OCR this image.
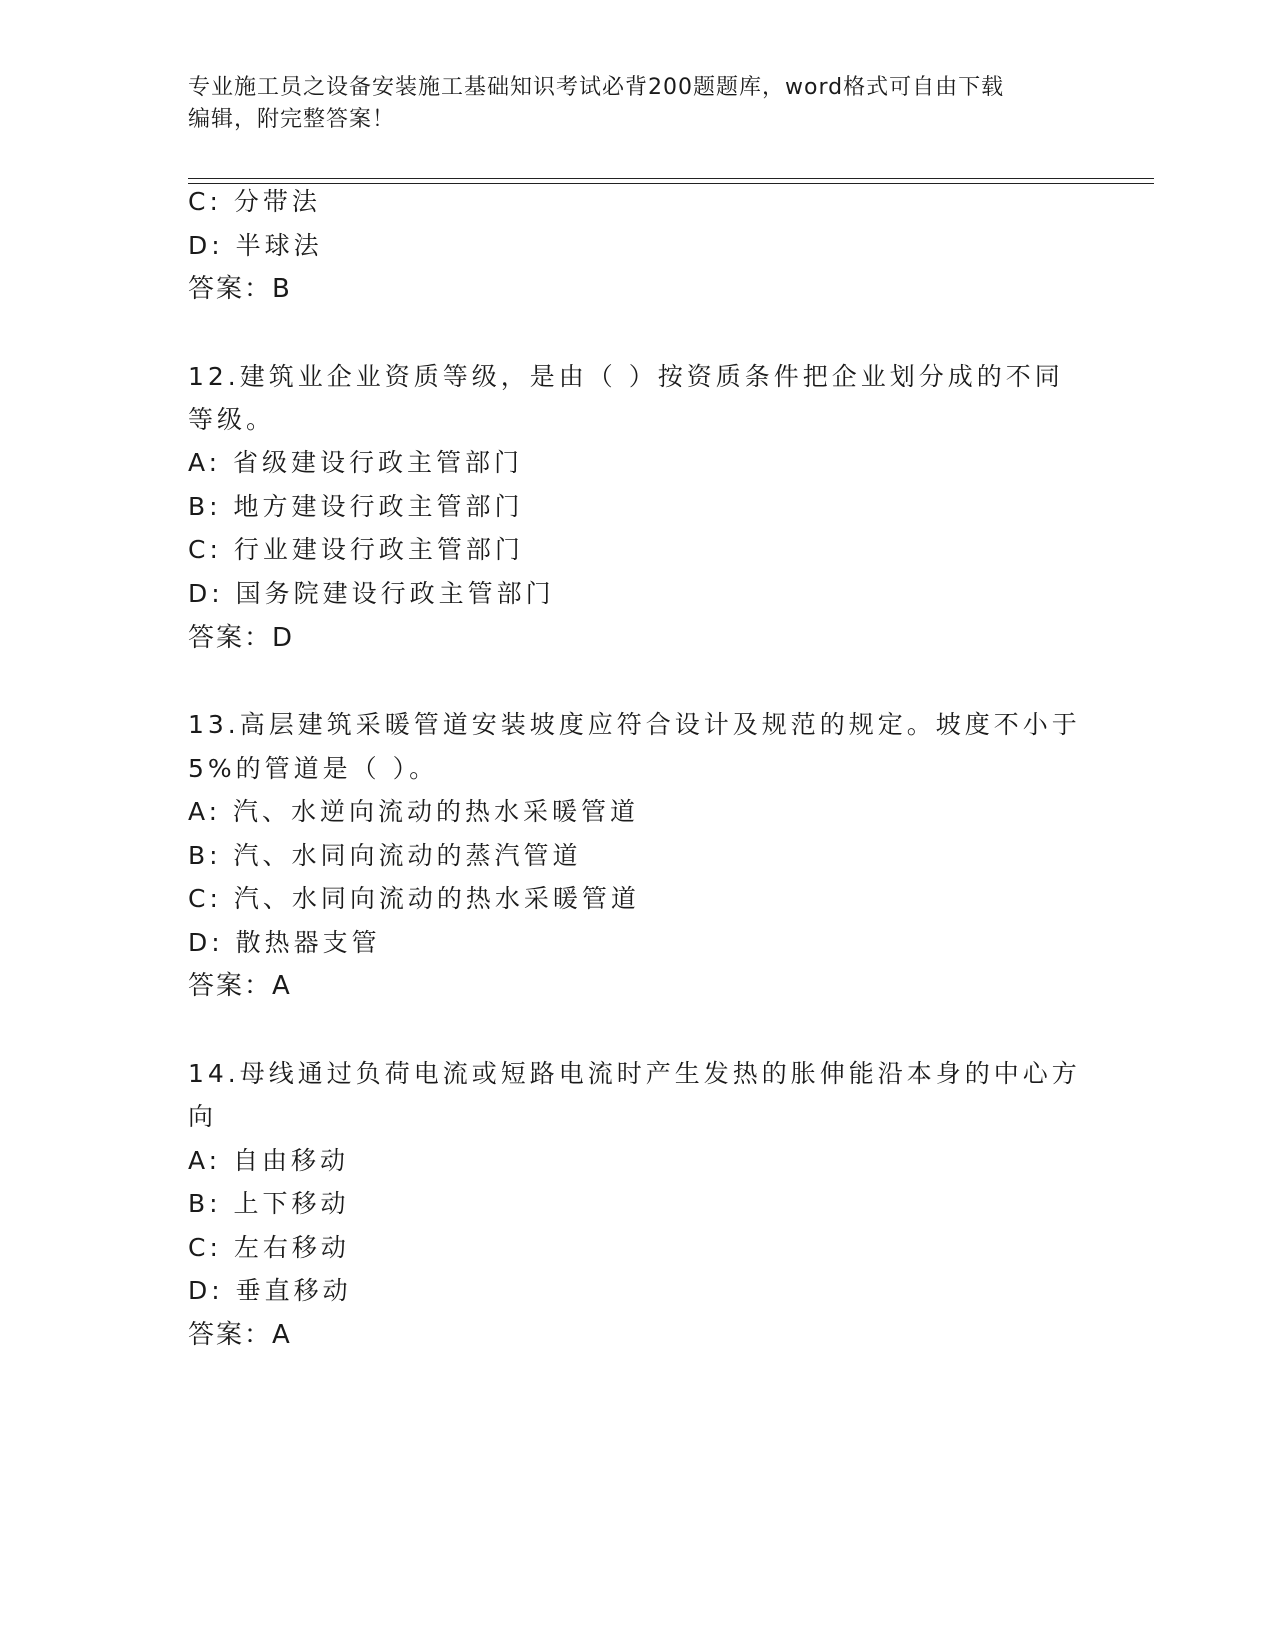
专业施工员之设备安装施工基础知识考试必背200题题库，word格式可自由下载
编辑，附完整答案！
C: 分带法
D: 半球法
答案：B
12.建筑业企业资质等级，是由（ ）按资质条件把企业划分成的不同
等级。
A: 省级建设行政主管部门
B: 地方建设行政主管部门
C: 行业建设行政主管部门
D: 国务院建设行政主管部门
答案：D
13.高层建筑采暖管道安装坡度应符合设计及规范的规定。坡度不小于
5%的管道是（ ）。
A: 汽、水逆向流动的热水采暖管道
B: 汽、水同向流动的蒸汽管道
C: 汽、水同向流动的热水采暖管道
D: 散热器支管
答案：A
14.母线通过负荷电流或短路电流时产生发热的胀伸能沿本身的中心方
向
A: 自由移动
B: 上下移动
C: 左右移动
D: 垂直移动
答案：A
